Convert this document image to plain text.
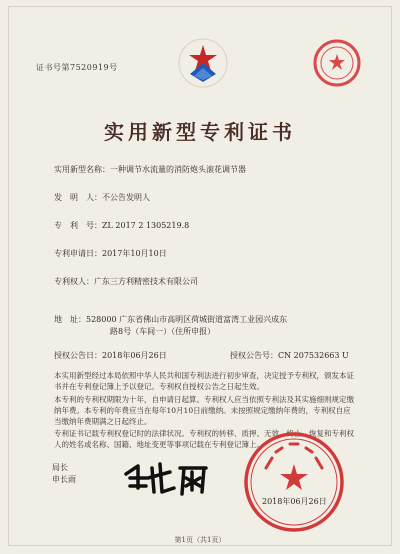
证书号第7520919号
实用新型专利证书
实用新型名称：一种调节水流量的消防炮头滚花调节器
发　明　人：不公告发明人
专　利　号：ZL 2017 2 1305219.8
专利申请日：2017年10月10日
专利权人：广东三方利精密技术有限公司
地　址：528000 广东省佛山市高明区荷城街道富湾工业园兴成东
路8号（车间一）（住所申报）
授权公告日：2018年06月26日	授权公告号：CN 207532663 U
本实用新型经过本局依照中华人民共和国专利法进行初步审查，决定授予专利权，颁发本证书并在专利登记簿上予以登记。专利权自授权公告之日起生效。
本专利的专利权期限为十年，自申请日起算。专利权人应当依照专利法及其实施细则规定缴纳年费。本专利的年费应当在每年10月10日前缴纳。未按照规定缴纳年费的，专利权自应当缴纳年费期满之日起终止。
专利证书记载专利权登记时的法律状况。专利权的转移、质押、无效、终止、恢复和专利权人的姓名或名称、国籍、地址变更等事项记载在专利登记簿上。
局长
申长雨
2018年06月26日
第1页（共1页）
